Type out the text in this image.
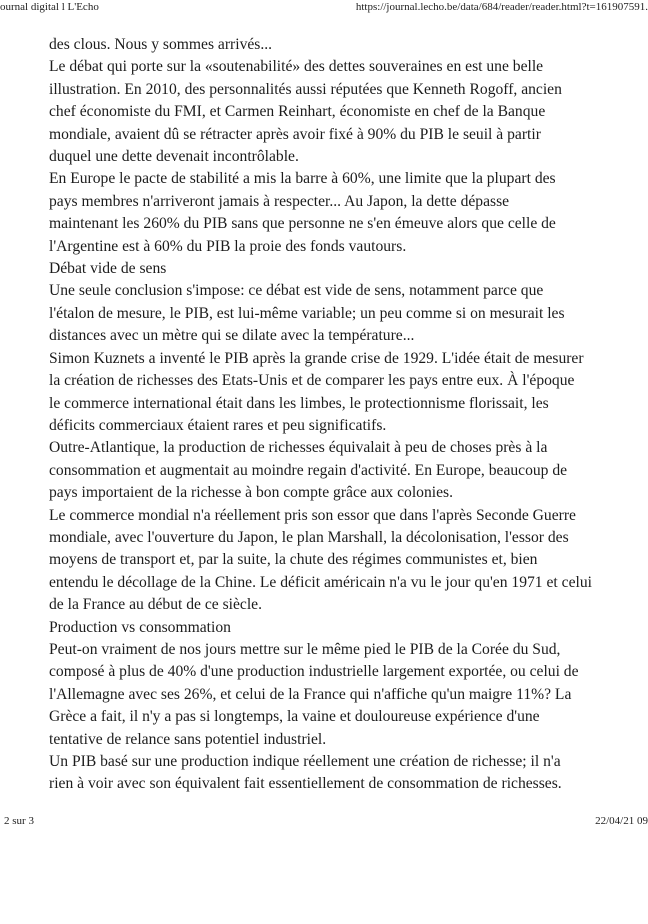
ournal digital l L'Echo	https://journal.lecho.be/data/684/reader/reader.html?t=161907591.
des clous. Nous y sommes arrivés...
Le débat qui porte sur la «soutenabilité» des dettes souveraines en est une belle
illustration. En 2010, des personnalités aussi réputées que Kenneth Rogoff, ancien
chef économiste du FMI, et Carmen Reinhart, économiste en chef de la Banque
mondiale, avaient dû se rétracter après avoir fixé à 90% du PIB le seuil à partir
duquel une dette devenait incontrôlable.
En Europe le pacte de stabilité a mis la barre à 60%, une limite que la plupart des
pays membres n'arriveront jamais à respecter... Au Japon, la dette dépasse
maintenant les 260% du PIB sans que personne ne s'en émeuve alors que celle de
l'Argentine est à 60% du PIB la proie des fonds vautours.
Débat vide de sens
Une seule conclusion s'impose: ce débat est vide de sens, notamment parce que
l'étalon de mesure, le PIB, est lui-même variable; un peu comme si on mesurait les
distances avec un mètre qui se dilate avec la température...
Simon Kuznets a inventé le PIB après la grande crise de 1929. L'idée était de mesurer
la création de richesses des Etats-Unis et de comparer les pays entre eux. À l'époque
le commerce international était dans les limbes, le protectionnisme florissait, les
déficits commerciaux étaient rares et peu significatifs.
Outre-Atlantique, la production de richesses équivalait à peu de choses près à la
consommation et augmentait au moindre regain d'activité. En Europe, beaucoup de
pays importaient de la richesse à bon compte grâce aux colonies.
Le commerce mondial n'a réellement pris son essor que dans l'après Seconde Guerre
mondiale, avec l'ouverture du Japon, le plan Marshall, la décolonisation, l'essor des
moyens de transport et, par la suite, la chute des régimes communistes et, bien
entendu le décollage de la Chine. Le déficit américain n'a vu le jour qu'en 1971 et celui
de la France au début de ce siècle.
Production vs consommation
Peut-on vraiment de nos jours mettre sur le même pied le PIB de la Corée du Sud,
composé à plus de 40% d'une production industrielle largement exportée, ou celui de
l'Allemagne avec ses 26%, et celui de la France qui n'affiche qu'un maigre 11%? La
Grèce a fait, il n'y a pas si longtemps, la vaine et douloureuse expérience d'une
tentative de relance sans potentiel industriel.
Un PIB basé sur une production indique réellement une création de richesse; il n'a
rien à voir avec son équivalent fait essentiellement de consommation de richesses.
2 sur 3	22/04/21 09
